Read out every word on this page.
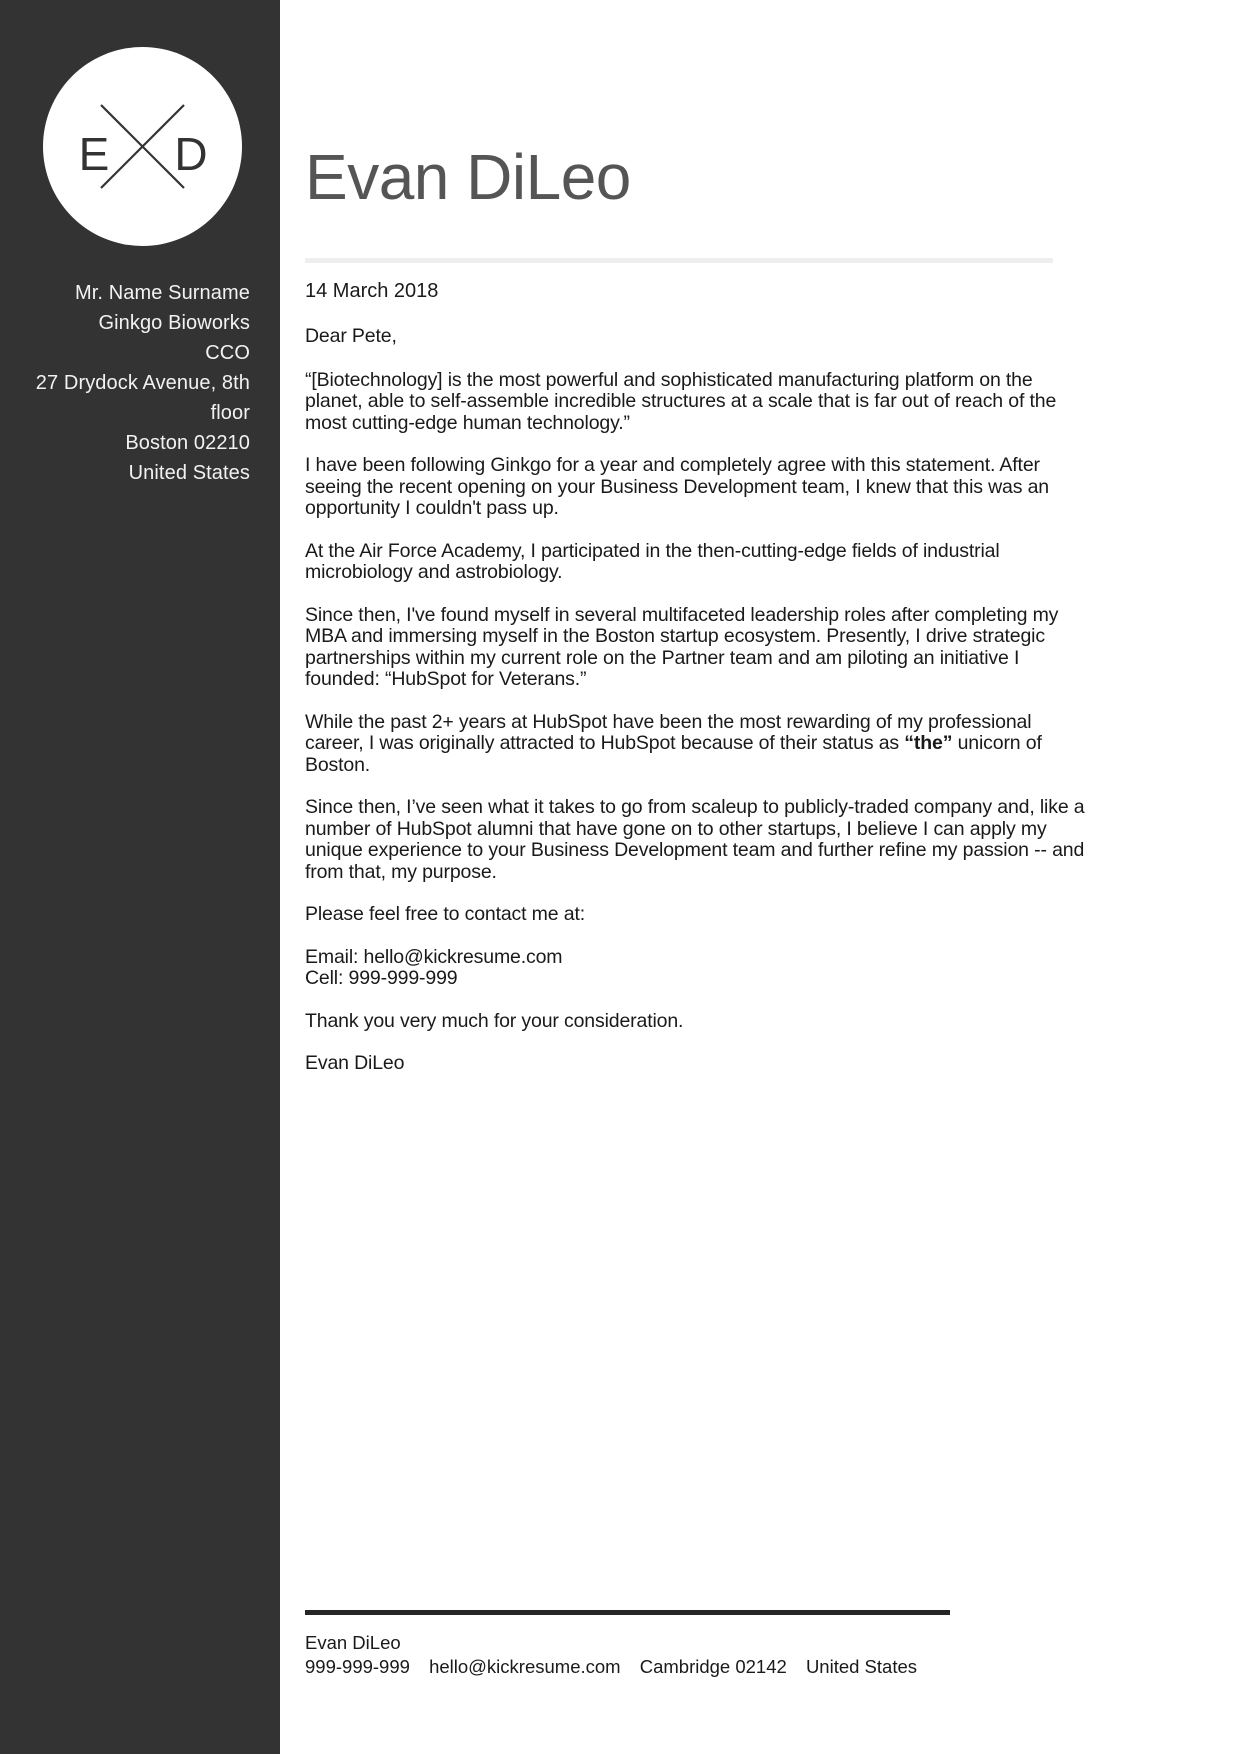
E D
Mr. Name Surname
Ginkgo Bioworks
CCO
27 Drydock Avenue, 8th floor
Boston 02210
United States
Evan DiLeo

14 March 2018

Dear Pete,

“[Biotechnology] is the most powerful and sophisticated manufacturing platform on the planet, able to self-assemble incredible structures at a scale that is far out of reach of the most cutting-edge human technology.”

I have been following Ginkgo for a year and completely agree with this statement. After seeing the recent opening on your Business Development team, I knew that this was an opportunity I couldn't pass up.

At the Air Force Academy, I participated in the then-cutting-edge fields of industrial microbiology and astrobiology.

Since then, I've found myself in several multifaceted leadership roles after completing my MBA and immersing myself in the Boston startup ecosystem. Presently, I drive strategic partnerships within my current role on the Partner team and am piloting an initiative I founded: “HubSpot for Veterans.”

While the past 2+ years at HubSpot have been the most rewarding of my professional career, I was originally attracted to HubSpot because of their status as “the” unicorn of Boston.

Since then, I’ve seen what it takes to go from scaleup to publicly-traded company and, like a number of HubSpot alumni that have gone on to other startups, I believe I can apply my unique experience to your Business Development team and further refine my passion -- and from that, my purpose.

Please feel free to contact me at:

Email: hello@kickresume.com
Cell: 999-999-999

Thank you very much for your consideration.

Evan DiLeo

Evan DiLeo
999-999-999 hello@kickresume.com Cambridge 02142 United States
